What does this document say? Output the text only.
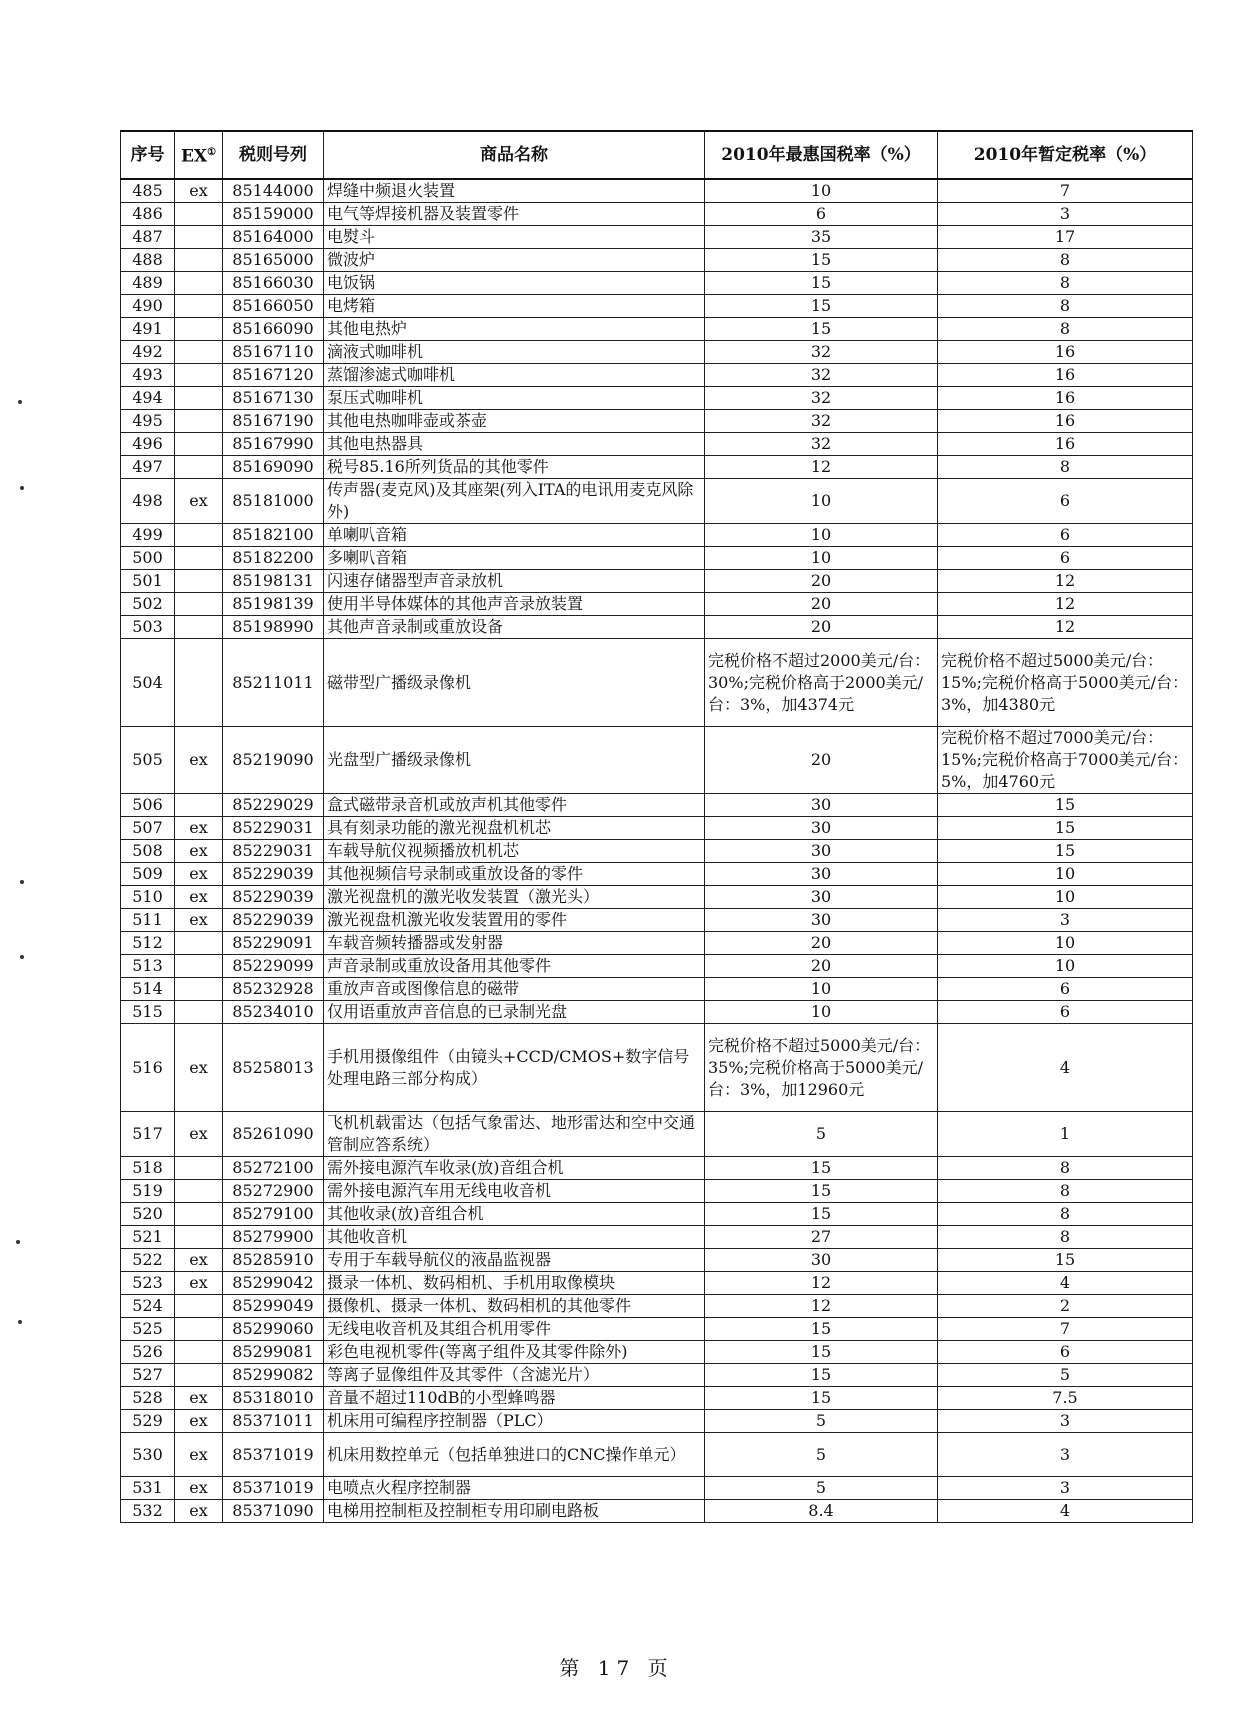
序号	EX①	税则号列	商品名称	2010年最惠国税率（%）	2010年暂定税率（%）
485	ex	85144000	焊缝中频退火装置	10	7
486		85159000	电气等焊接机器及装置零件	6	3
487		85164000	电熨斗	35	17
488		85165000	微波炉	15	8
489		85166030	电饭锅	15	8
490		85166050	电烤箱	15	8
491		85166090	其他电热炉	15	8
492		85167110	滴液式咖啡机	32	16
493		85167120	蒸馏渗滤式咖啡机	32	16
494		85167130	泵压式咖啡机	32	16
495		85167190	其他电热咖啡壶或茶壶	32	16
496		85167990	其他电热器具	32	16
497		85169090	税号85.16所列货品的其他零件	12	8
498	ex	85181000	传声器(麦克风)及其座架(列入ITA的电讯用麦克风除外)	10	6
499		85182100	单喇叭音箱	10	6
500		85182200	多喇叭音箱	10	6
501		85198131	闪速存储器型声音录放机	20	12
502		85198139	使用半导体媒体的其他声音录放装置	20	12
503		85198990	其他声音录制或重放设备	20	12
504		85211011	磁带型广播级录像机	完税价格不超过2000美元/台：30%;完税价格高于2000美元/台：3%，加4374元	完税价格不超过5000美元/台：15%;完税价格高于5000美元/台：3%，加4380元
505	ex	85219090	光盘型广播级录像机	20	完税价格不超过7000美元/台：15%;完税价格高于7000美元/台：5%，加4760元
506		85229029	盒式磁带录音机或放声机其他零件	30	15
507	ex	85229031	具有刻录功能的激光视盘机机芯	30	15
508	ex	85229031	车载导航仪视频播放机机芯	30	15
509	ex	85229039	其他视频信号录制或重放设备的零件	30	10
510	ex	85229039	激光视盘机的激光收发装置（激光头）	30	10
511	ex	85229039	激光视盘机激光收发装置用的零件	30	3
512		85229091	车载音频转播器或发射器	20	10
513		85229099	声音录制或重放设备用其他零件	20	10
514		85232928	重放声音或图像信息的磁带	10	6
515		85234010	仅用语重放声音信息的已录制光盘	10	6
516	ex	85258013	手机用摄像组件（由镜头+CCD/CMOS+数字信号处理电路三部分构成）	完税价格不超过5000美元/台：35%;完税价格高于5000美元/台：3%，加12960元	4
517	ex	85261090	飞机机载雷达（包括气象雷达、地形雷达和空中交通管制应答系统）	5	1
518		85272100	需外接电源汽车收录(放)音组合机	15	8
519		85272900	需外接电源汽车用无线电收音机	15	8
520		85279100	其他收录(放)音组合机	15	8
521		85279900	其他收音机	27	8
522	ex	85285910	专用于车载导航仪的液晶监视器	30	15
523	ex	85299042	摄录一体机、数码相机、手机用取像模块	12	4
524		85299049	摄像机、摄录一体机、数码相机的其他零件	12	2
525		85299060	无线电收音机及其组合机用零件	15	7
526		85299081	彩色电视机零件(等离子组件及其零件除外)	15	6
527		85299082	等离子显像组件及其零件（含滤光片）	15	5
528	ex	85318010	音量不超过110dB的小型蜂鸣器	15	7.5
529	ex	85371011	机床用可编程序控制器（PLC）	5	3
530	ex	85371019	机床用数控单元（包括单独进口的CNC操作单元）	5	3
531	ex	85371019	电喷点火程序控制器	5	3
532	ex	85371090	电梯用控制柜及控制柜专用印刷电路板	8.4	4
第 17 页
